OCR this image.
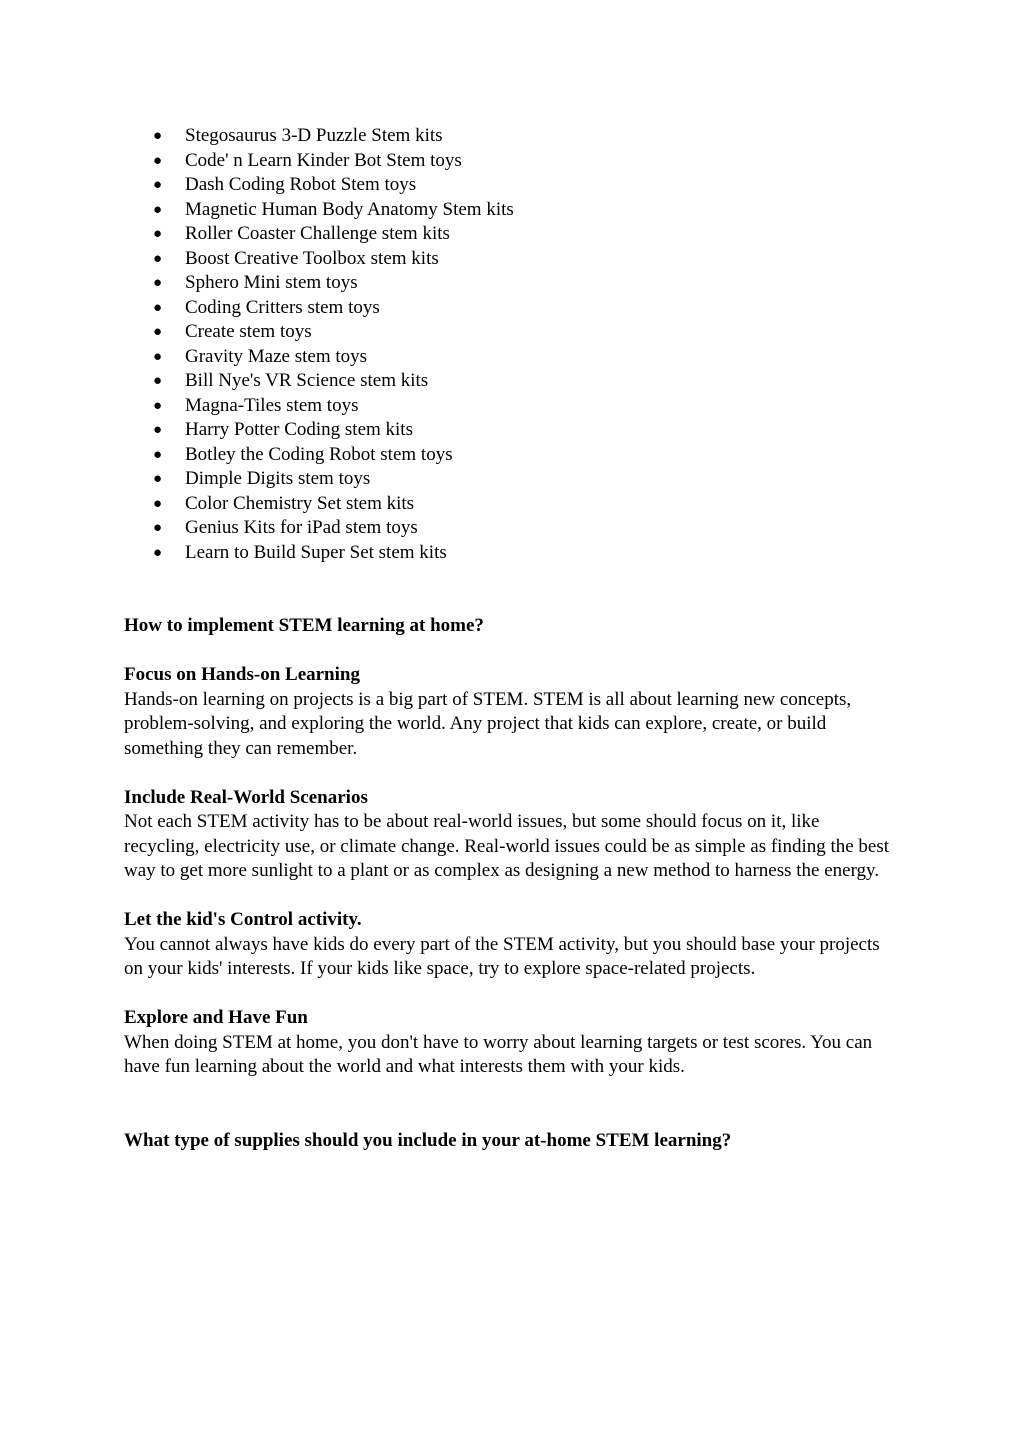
● Stegosaurus 3-D Puzzle Stem kits
● Code' n Learn Kinder Bot Stem toys
● Dash Coding Robot Stem toys
● Magnetic Human Body Anatomy Stem kits
● Roller Coaster Challenge stem kits
● Boost Creative Toolbox stem kits
● Sphero Mini stem toys
● Coding Critters stem toys
● Create stem toys
● Gravity Maze stem toys
● Bill Nye's VR Science stem kits
● Magna-Tiles stem toys
● Harry Potter Coding stem kits
● Botley the Coding Robot stem toys
● Dimple Digits stem toys
● Color Chemistry Set stem kits
● Genius Kits for iPad stem toys
● Learn to Build Super Set stem kits

How to implement STEM learning at home?

Focus on Hands-on Learning

Hands-on learning on projects is a big part of STEM. STEM is all about learning new concepts, problem-solving, and exploring the world. Any project that kids can explore, create, or build something they can remember.

Include Real-World Scenarios

Not each STEM activity has to be about real-world issues, but some should focus on it, like recycling, electricity use, or climate change. Real-world issues could be as simple as finding the best way to get more sunlight to a plant or as complex as designing a new method to harness the energy.

Let the kid's Control activity.

You cannot always have kids do every part of the STEM activity, but you should base your projects on your kids' interests. If your kids like space, try to explore space-related projects.

Explore and Have Fun

When doing STEM at home, you don't have to worry about learning targets or test scores. You can have fun learning about the world and what interests them with your kids.

What type of supplies should you include in your at-home STEM learning?
